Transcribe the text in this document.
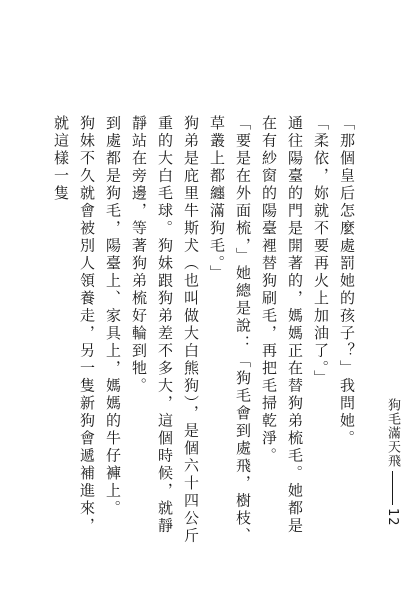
「那個皇后怎麼處罰她的孩子？」我問她。

「柔依，妳就不要再火上加油了。」

通往陽臺的門是開著的，媽媽正在替狗弟梳毛。她都是在有紗窗的陽臺裡替狗刷毛，再把毛掃乾淨。

「要是在外面梳，」她總是說：「狗毛會到處飛，樹枝、草叢上都纏滿狗毛。」

狗弟是庇里牛斯犬（也叫做大白熊狗），是個六十四公斤重的大白毛球。狗妹跟狗弟差不多大，這個時候，就靜靜站在旁邊，等著狗弟梳好輪到牠。

到處都是狗毛，陽臺上、家具上，媽媽的牛仔褲上。

狗妹不久就會被別人領養走，另一隻新狗會遞補進來，就這樣一隻

狗毛滿天飛
12
